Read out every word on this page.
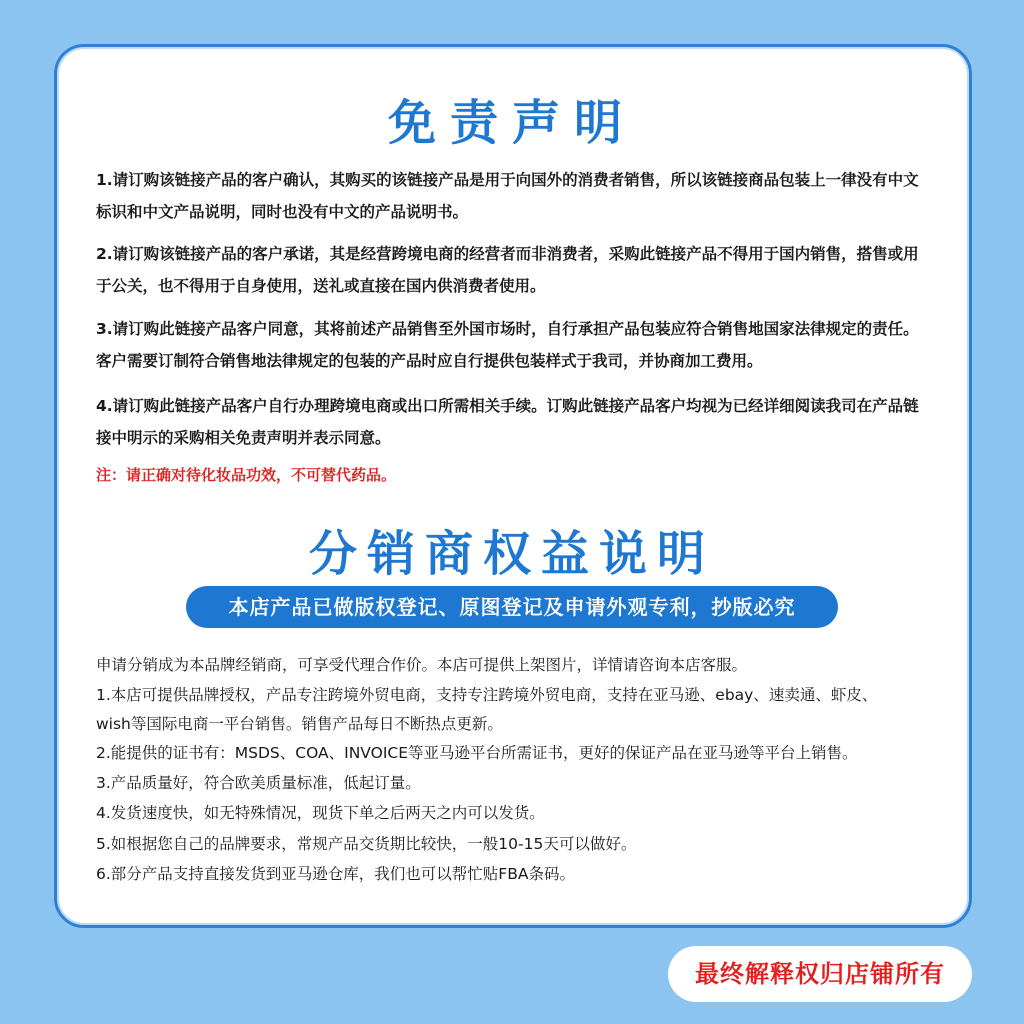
免责声明

1.请订购该链接产品的客户确认，其购买的该链接产品是用于向国外的消费者销售，所以该链接商品包装上一律没有中文标识和中文产品说明，同时也没有中文的产品说明书。

2.请订购该链接产品的客户承诺，其是经营跨境电商的经营者而非消费者，采购此链接产品不得用于国内销售，搭售或用于公关，也不得用于自身使用，送礼或直接在国内供消费者使用。

3.请订购此链接产品客户同意，其将前述产品销售至外国市场时，自行承担产品包装应符合销售地国家法律规定的责任。客户需要订制符合销售地法律规定的包装的产品时应自行提供包装样式于我司，并协商加工费用。

4.请订购此链接产品客户自行办理跨境电商或出口所需相关手续。订购此链接产品客户均视为已经详细阅读我司在产品链接中明示的采购相关免责声明并表示同意。

注：请正确对待化妆品功效，不可替代药品。

分销商权益说明
本店产品已做版权登记、原图登记及申请外观专利，抄版必究

申请分销成为本品牌经销商，可享受代理合作价。本店可提供上架图片，详情请咨询本店客服。

1.本店可提供品牌授权，产品专注跨境外贸电商，支持专注跨境外贸电商，支持在亚马逊、ebay、速卖通、虾皮、

wish等国际电商一平台销售。销售产品每日不断热点更新。

2.能提供的证书有：MSDS、COA、INVOICE等亚马逊平台所需证书，更好的保证产品在亚马逊等平台上销售。

3.产品质量好，符合欧美质量标准，低起订量。

4.发货速度快，如无特殊情况，现货下单之后两天之内可以发货。

5.如根据您自己的品牌要求，常规产品交货期比较快，一般10-15天可以做好。

6.部分产品支持直接发货到亚马逊仓库，我们也可以帮忙贴FBA条码。

最终解释权归店铺所有
